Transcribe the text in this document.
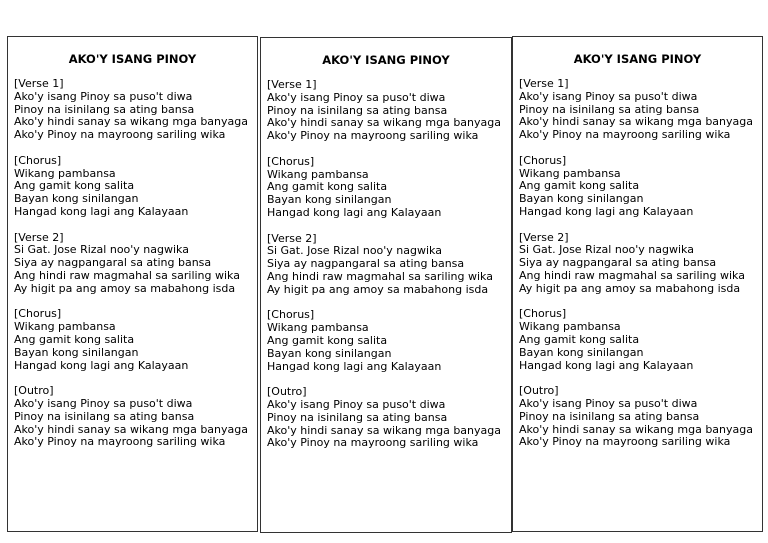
AKO'Y ISANG PINOY
[Verse 1]
Ako'y isang Pinoy sa puso't diwa
Pinoy na isinilang sa ating bansa
Ako'y hindi sanay sa wikang mga banyaga
Ako'y Pinoy na mayroong sariling wika
[Chorus]
Wikang pambansa
Ang gamit kong salita
Bayan kong sinilangan
Hangad kong lagi ang Kalayaan
[Verse 2]
Si Gat. Jose Rizal noo'y nagwika
Siya ay nagpangaral sa ating bansa
Ang hindi raw magmahal sa sariling wika
Ay higit pa ang amoy sa mabahong isda
[Chorus]
Wikang pambansa
Ang gamit kong salita
Bayan kong sinilangan
Hangad kong lagi ang Kalayaan
[Outro]
Ako'y isang Pinoy sa puso't diwa
Pinoy na isinilang sa ating bansa
Ako'y hindi sanay sa wikang mga banyaga
Ako'y Pinoy na mayroong sariling wika
AKO'Y ISANG PINOY
[Verse 1]
Ako'y isang Pinoy sa puso't diwa
Pinoy na isinilang sa ating bansa
Ako'y hindi sanay sa wikang mga banyaga
Ako'y Pinoy na mayroong sariling wika
[Chorus]
Wikang pambansa
Ang gamit kong salita
Bayan kong sinilangan
Hangad kong lagi ang Kalayaan
[Verse 2]
Si Gat. Jose Rizal noo'y nagwika
Siya ay nagpangaral sa ating bansa
Ang hindi raw magmahal sa sariling wika
Ay higit pa ang amoy sa mabahong isda
[Chorus]
Wikang pambansa
Ang gamit kong salita
Bayan kong sinilangan
Hangad kong lagi ang Kalayaan
[Outro]
Ako'y isang Pinoy sa puso't diwa
Pinoy na isinilang sa ating bansa
Ako'y hindi sanay sa wikang mga banyaga
Ako'y Pinoy na mayroong sariling wika
AKO'Y ISANG PINOY
[Verse 1]
Ako'y isang Pinoy sa puso't diwa
Pinoy na isinilang sa ating bansa
Ako'y hindi sanay sa wikang mga banyaga
Ako'y Pinoy na mayroong sariling wika
[Chorus]
Wikang pambansa
Ang gamit kong salita
Bayan kong sinilangan
Hangad kong lagi ang Kalayaan
[Verse 2]
Si Gat. Jose Rizal noo'y nagwika
Siya ay nagpangaral sa ating bansa
Ang hindi raw magmahal sa sariling wika
Ay higit pa ang amoy sa mabahong isda
[Chorus]
Wikang pambansa
Ang gamit kong salita
Bayan kong sinilangan
Hangad kong lagi ang Kalayaan
[Outro]
Ako'y isang Pinoy sa puso't diwa
Pinoy na isinilang sa ating bansa
Ako'y hindi sanay sa wikang mga banyaga
Ako'y Pinoy na mayroong sariling wika
